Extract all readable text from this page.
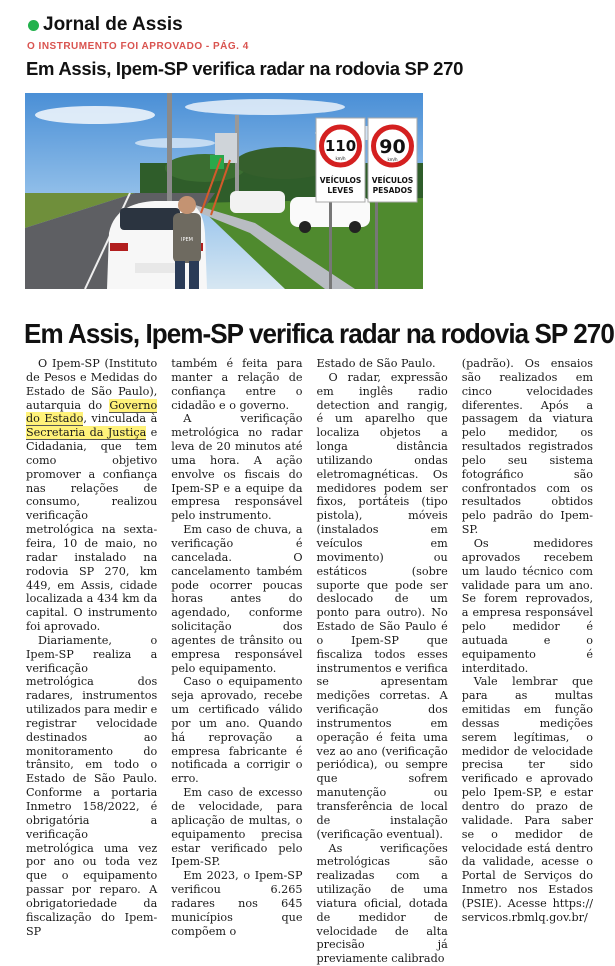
Jornal de Assis
O INSTRUMENTO FOI APROVADO - PÁG. 4
Em Assis, Ipem-SP verifica radar na rodovia SP 270
IPEM
110
km/h
VEÍCULOS
LEVES
90
km/h
VEÍCULOS
PESADOS
Em Assis, Ipem-SP verifica radar na rodovia SP 270

O Ipem-SP (Instituto de Pesos e Medidas do Estado de São Paulo), autarquia do Governo do Estado, vinculada à Secretaria da Justiça e Cidadania, que tem como objetivo promover a confiança nas relações de consumo, realizou verificação metrológica na sexta-feira, 10 de maio, no radar instalado na rodovia SP 270, km 449, em Assis, cidade localizada a 434 km da capital. O instrumento foi aprovado.

Diariamente, o Ipem-SP realiza a verificação metrológica dos radares, instrumentos utilizados para medir e registrar velocidade destinados ao monitoramento do trânsito, em todo o Estado de São Paulo. Conforme a portaria Inmetro 158/2022, é obrigatória a verificação metrológica uma vez por ano ou toda vez que o equipamento passar por reparo. A obrigatoriedade da fiscalização do Ipem-SP

também é feita para manter a relação de confiança entre o cidadão e o governo.

A verificação metrológica no radar leva de 20 minutos até uma hora. A ação envolve os fiscais do Ipem-SP e a equipe da empresa responsável pelo instrumento.

Em caso de chuva, a verificação é cancelada. O cancelamento também pode ocorrer poucas horas antes do agendado, conforme solicitação dos agentes de trânsito ou empresa responsável pelo equipamento.

Caso o equipamento seja aprovado, recebe um certificado válido por um ano. Quando há reprovação a empresa fabricante é notificada a corrigir o erro.

Em caso de excesso de velocidade, para aplicação de multas, o equipamento precisa estar verificado pelo Ipem-SP.

Em 2023, o Ipem-SP verificou 6.265 radares nos 645 municípios que compõem o

Estado de São Paulo.

O radar, expressão em inglês radio detection and rangig, é um aparelho que localiza objetos a longa distância utilizando ondas eletromagnéticas. Os medidores podem ser fixos, portáteis (tipo pistola), móveis (instalados em veículos em movimento) ou estáticos (sobre suporte que pode ser deslocado de um ponto para outro). No Estado de São Paulo é o Ipem-SP que fiscaliza todos esses instrumentos e verifica se apresentam medições corretas. A verificação dos instrumentos em operação é feita uma vez ao ano (verificação periódica), ou sempre que sofrem manutenção ou transferência de local de instalação (verificação eventual).

As verificações metrológicas são realizadas com a utilização de uma viatura oficial, dotada de medidor de velocidade de alta precisão já previamente calibrado

(padrão). Os ensaios são realizados em cinco velocidades diferentes. Após a passagem da viatura pelo medidor, os resultados registrados pelo seu sistema fotográfico são confrontados com os resultados obtidos pelo padrão do Ipem-SP.

Os medidores aprovados recebem um laudo técnico com validade para um ano. Se forem reprovados, a empresa responsável pelo medidor é autuada e o equipamento é interditado.

Vale lembrar que para as multas emitidas em função dessas medições serem legítimas, o medidor de velocidade precisa ter sido verificado e aprovado pelo Ipem-SP, e estar dentro do prazo de validade. Para saber se o medidor de velocidade está dentro da validade, acesse o Portal de Serviços do Inmetro nos Estados (PSIE). Acesse https:// servicos.rbmlq.gov.br/
